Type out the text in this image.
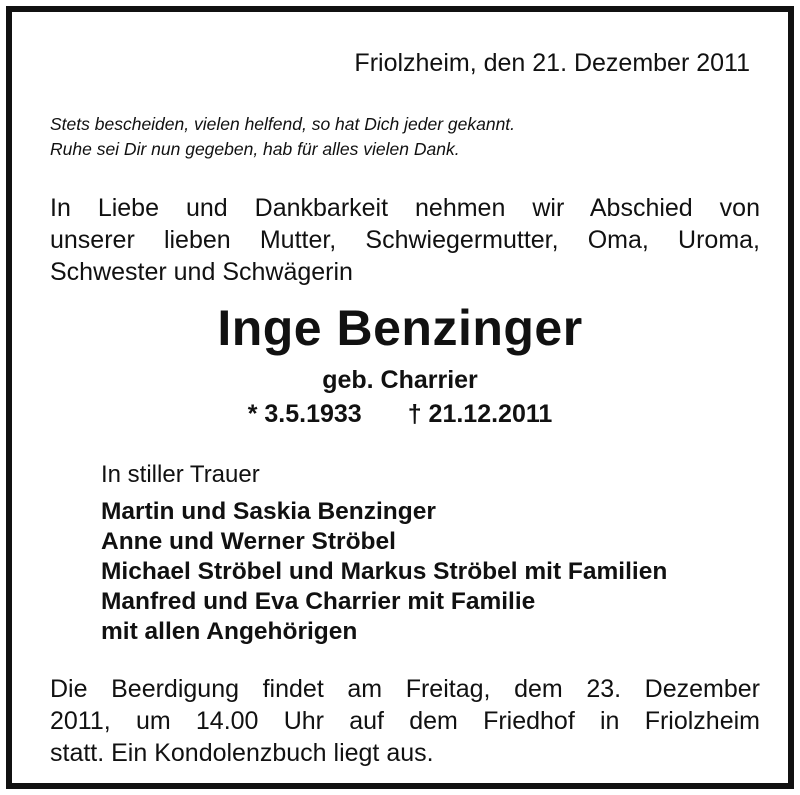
Friolzheim, den 21. Dezember 2011
Stets bescheiden, vielen helfend, so hat Dich jeder gekannt.
Ruhe sei Dir nun gegeben, hab für alles vielen Dank.
In Liebe und Dankbarkeit nehmen wir Abschied von
unserer lieben Mutter, Schwiegermutter, Oma, Uroma,
Schwester und Schwägerin
Inge Benzinger
geb. Charrier
* 3.5.1933 † 21.12.2011
In stiller Trauer
Martin und Saskia Benzinger
Anne und Werner Ströbel
Michael Ströbel und Markus Ströbel mit Familien
Manfred und Eva Charrier mit Familie
mit allen Angehörigen
Die Beerdigung findet am Freitag, dem 23. Dezember
2011, um 14.00 Uhr auf dem Friedhof in Friolzheim
statt. Ein Kondolenzbuch liegt aus.
